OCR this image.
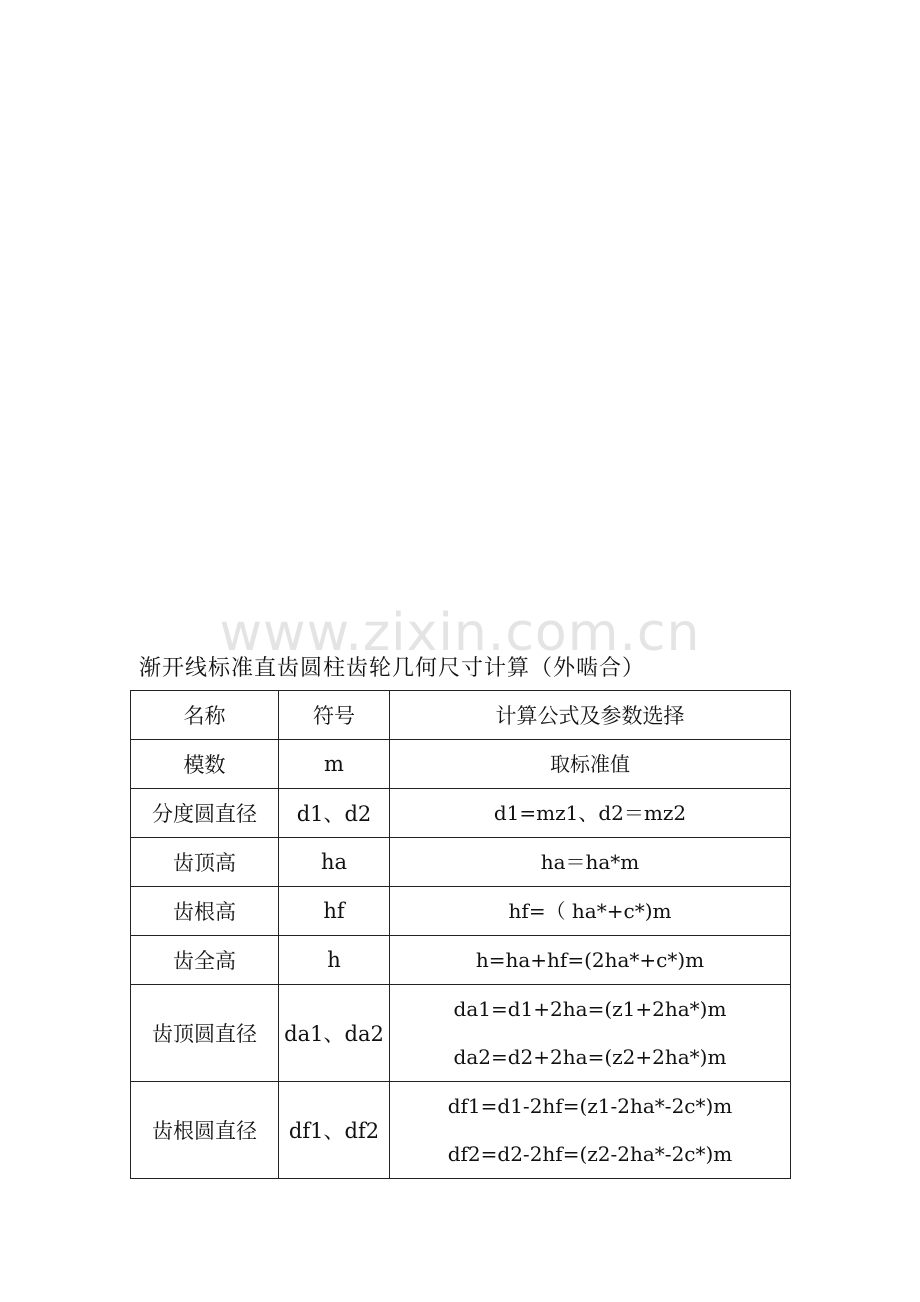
www.zixin.com.cn
渐开线标准直齿圆柱齿轮几何尺寸计算（外啮合）
名称	符号	计算公式及参数选择
模数	m	取标准值

分度圆直径	d1、d2	d1=mz1、d2＝mz2

齿顶高	ha	ha＝ha*m

齿根高	hf	hf=（ ha*+c*)m

齿全高	h	h=ha+hf=(2ha*+c*)m

齿顶圆直径	da1、da2	da1=d1+2ha=(z1+2ha*)m
da2=d2+2ha=(z2+2ha*)m

齿根圆直径	df1、df2	df1=d1-2hf=(z1-2ha*-2c*)m
df2=d2-2hf=(z2-2ha*-2c*)m
